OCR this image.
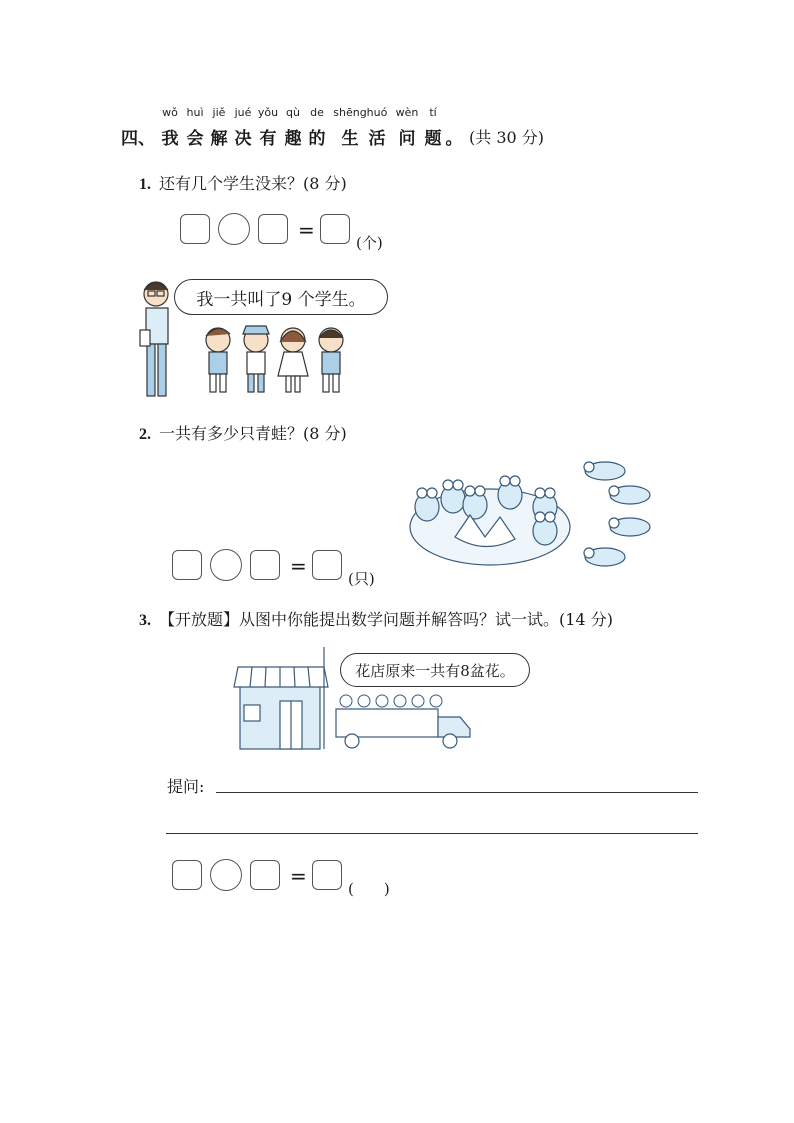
wǒ huì jiě jué yǒu qù de shēng huó wèn tí
四、 我 会 解 决 有 趣 的 生 活 问 题 。 (共 30 分)
1. 还有几个学生没来？(8 分)
=
(个)
我一共叫了9 个学生。
2. 一共有多少只青蛙？(8 分)
=
(只)
3. 【开放题】从图中你能提出数学问题并解答吗？试一试。(14 分)
花店原来一共有8盆花。
提问:
=
(　　)
